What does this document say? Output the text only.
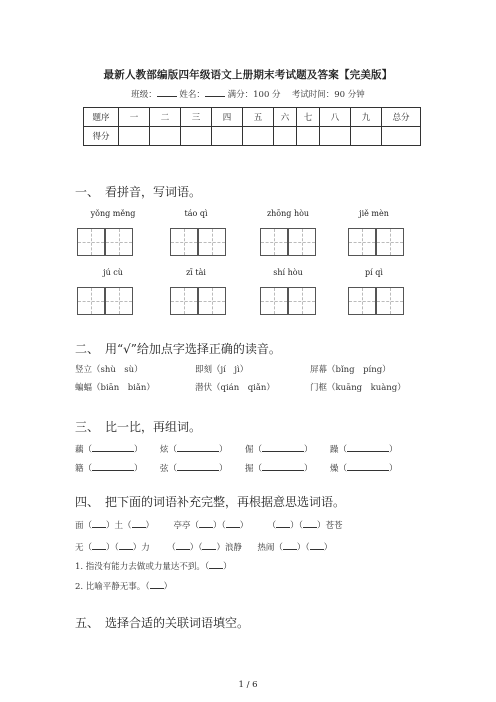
最新人教部编版四年级语文上册期末考试题及答案【完美版】
班级：	姓名：	满分：100 分　 考试时间：90 分钟
题序	一	二	三	四	五	六	七	八	九	总分
得分										
一、　看拼音，写词语。
yǒng měng	táo qì	zhōng hòu	jiě mèn
jú cù	zī tài	shí hòu	pí qì
二、　用“√”给加点字选择正确的读音。
竖立（shù　sù）	即刻（jí　jì）	屏幕（bǐng　píng）
蝙蝠（biān　biǎn）	潜伏（qián　qiǎn）	门框（kuāng　kuàng）
三、　比一比，再组词。
藕（	） 炫（	） 倔（	） 躁（	）
籍（	） 弦（	） 掘（	） 燥（	）
四、　把下面的词语补充完整，再根据意思选词语。
面（ ）土（ ） 亭亭（ ）（ ） （ ）（ ）苍苍
无（ ）（ ）力 （ ）（ ）浪静 热闹（ ）（ ）
1. 指没有能力去做或力量达不到。（ ）
2. 比喻平静无事。（ ）
五、　选择合适的关联词语填空。
1 / 6
